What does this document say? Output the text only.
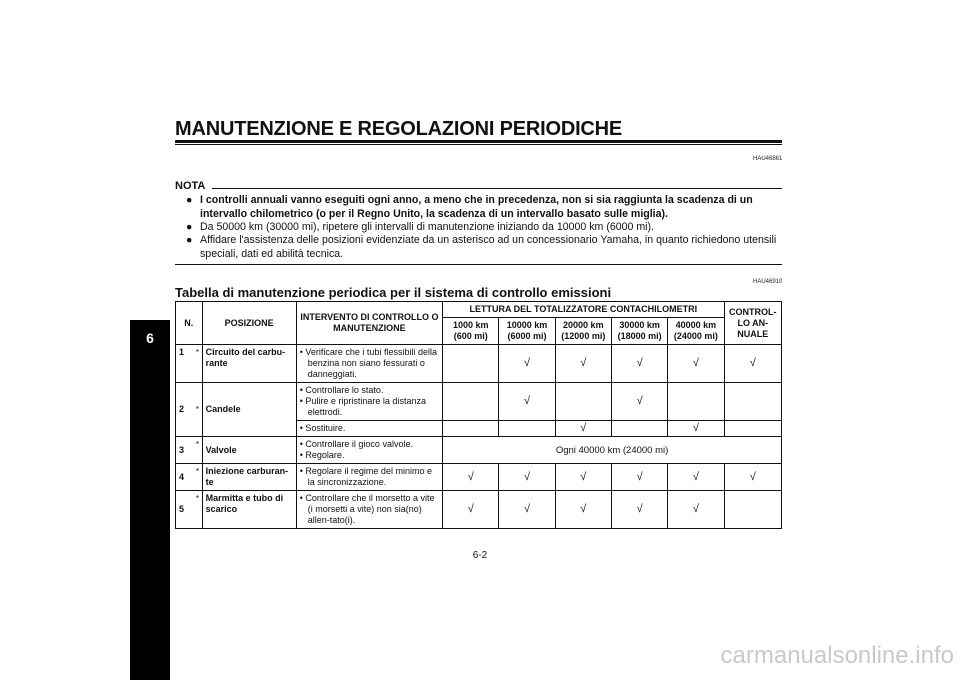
MANUTENZIONE E REGOLAZIONI PERIODICHE
HAU46861
NOTA
● I controlli annuali vanno eseguiti ogni anno, a meno che in precedenza, non si sia raggiunta la scadenza di un intervallo chilometrico (o per il Regno Unito, la scadenza di un intervallo basato sulle miglia).
● Da 50000 km (30000 mi), ripetere gli intervalli di manutenzione iniziando da 10000 km (6000 mi).
● Affidare l'assistenza delle posizioni evidenziate da un asterisco ad un concessionario Yamaha, in quanto richiedono utensili speciali, dati ed abilità tecnica.
HAU46910
Tabella di manutenzione periodica per il sistema di controllo emissioni
N.		POSIZIONE	INTERVENTO DI CONTROLLO O MANUTENZIONE	LETTURA DEL TOTALIZZATORE CONTACHILOMETRI					CONTROL-LO AN-NUALE
				1000 km (600 mi)	10000 km (6000 mi)	20000 km (12000 mi)	30000 km (18000 mi)	40000 km (24000 mi)	
1	*	Circuito del carbu-rante	• Verificare che i tubi flessibili della benzina non siano fessurati o danneggiati.		√	√	√	√	√
2	*	Candele	• Controllare lo stato.
• Pulire e ripristinare la distanza elettrodi.		√		√		

			• Sostituire.			√		√	
3	*	Valvole	• Controllare il gioco valvole.
• Regolare.	Ogni 40000 km (24000 mi)					
4	*	Iniezione carburan-te	• Regolare il regime del minimo e la sincronizzazione.	√	√	√	√	√	√
5	*	Marmitta e tubo di scarico	• Controllare che il morsetto a vite (i morsetti a vite) non sia(no) allen-tato(i).	√	√	√	√	√	
6
6-2
carmanualsonline.info
